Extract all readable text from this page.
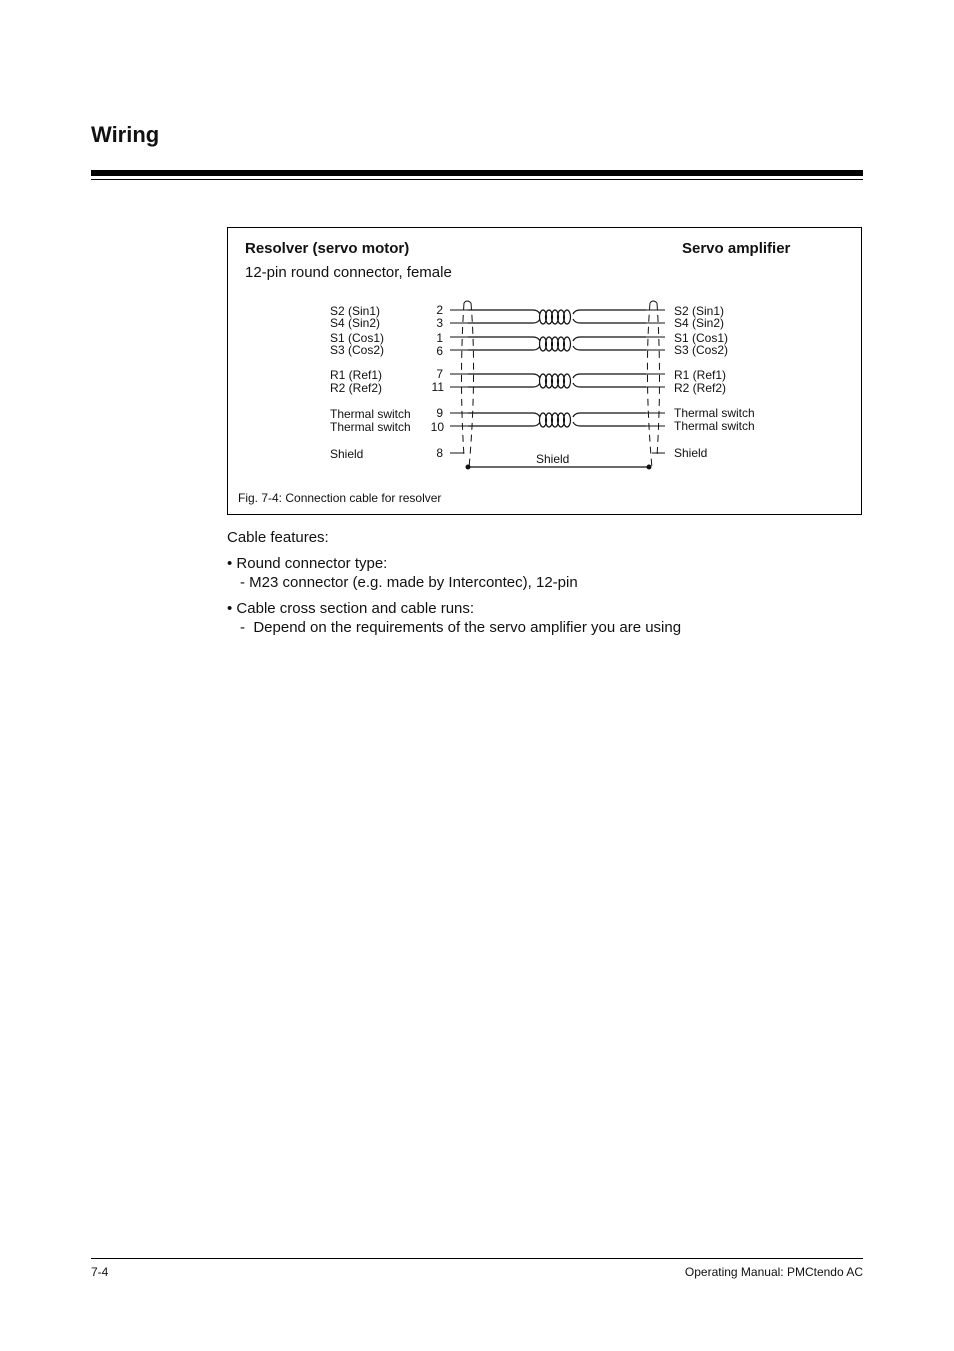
Wiring
Resolver (servo motor)	Servo amplifier
12-pin round connector, female
S2 (Sin1)
S4 (Sin2)
S1 (Cos1)
S3 (Cos2)
R1 (Ref1)
R2 (Ref2)
Thermal switch
Thermal switch
Shield
2
3
1
6
7
11
9
10
8
S2 (Sin1)
S4 (Sin2)
S1 (Cos1)
S3 (Cos2)
R1 (Ref1)
R2 (Ref2)
Thermal switch
Thermal switch
Shield
Shield
Fig. 7-4: Connection cable for resolver
Cable features:
• Round connector type:
- M23 connector (e.g. made by Intercontec), 12-pin
• Cable cross section and cable runs:
-  Depend on the requirements of the servo amplifier you are using
7-4	Operating Manual: PMCtendo AC
